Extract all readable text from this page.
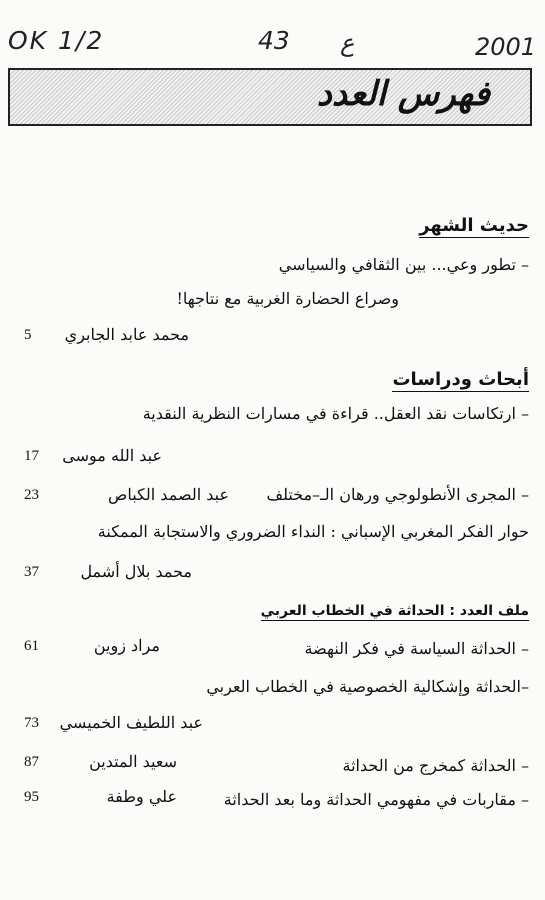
OK 1/2	43 ع	2001
فهرس العدد
حديث الشهر
– تطور وعي... بين الثقافي والسياسي
وصراع الحضارة الغربية مع نتاجها!
محمد عابد الجابري
5
أبحاث ودراسات
– ارتكاسات نقد العقل.. قراءة في مسارات النظرية النقدية
عبد الله موسى
17
– المجرى الأنطولوجي ورهان الـ–مختلف
عبد الصمد الكباص
23
حوار الفكر المغربي الإسباني : النداء الضروري والاستجابة الممكنة
محمد بلال أشمل
37
ملف العدد : الحداثة في الخطاب العربي
– الحداثة السياسة في فكر النهضة
مراد زوين
61
–الحداثة وإشكالية الخصوصية في الخطاب العربي
عبد اللطيف الخميسي
73
– الحداثة كمخرج من الحداثة
سعيد المتدين
87
– مقاربات في مفهومي الحداثة وما بعد الحداثة
علي وطفة
95
